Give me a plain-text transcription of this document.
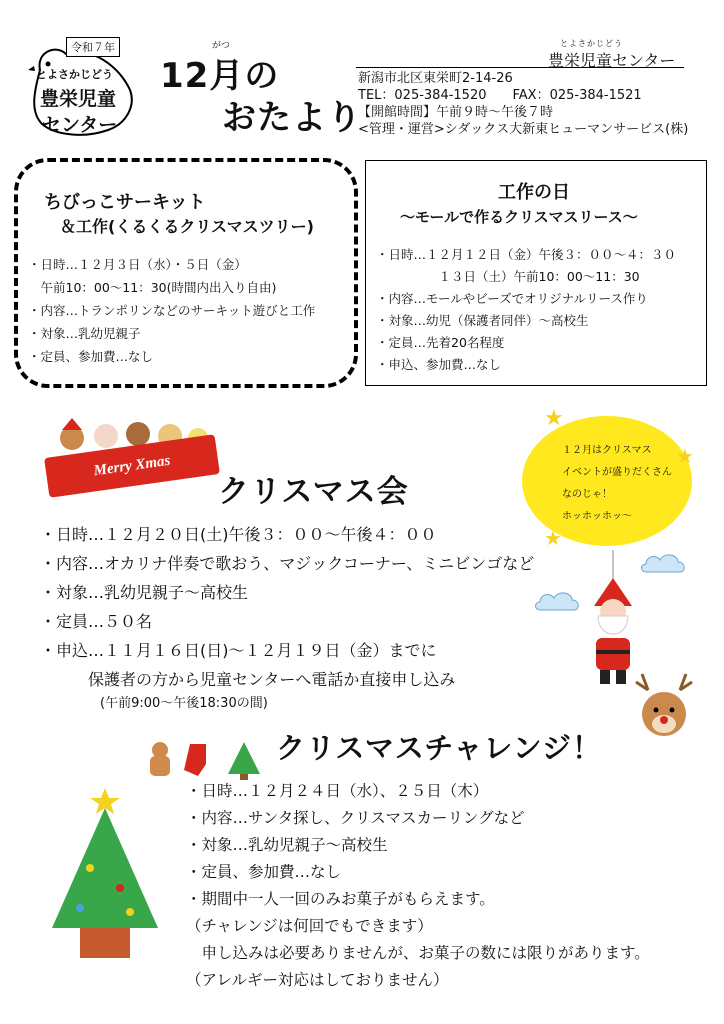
令和７年
とよさかじどう
豊栄児童
センター
がつ
12月の
おたより
とよさかじどう
豊栄児童センター
新潟市北区東栄町2-14-26
TEL：025-384-1520　　FAX：025-384-1521
【開館時間】午前９時～午後７時
<管理・運営>シダックス大新東ヒューマンサービス(株)
ちびっこサーキット
＆工作(くるくるクリスマスツリー)
・日時…１２月３日（水）・５日（金）
　午前10：00～11：30(時間内出入り自由)
・内容…トランポリンなどのサーキット遊びと工作
・対象…乳幼児親子
・定員、参加費…なし
工作の日
～モールで作るクリスマスリース～
・日時…１２月１２日（金）午後３：００～４：３０
　　　　　１３日（土）午前10：00～11：30
・内容…モールやビーズでオリジナルリース作り
・対象…幼児（保護者同伴）～高校生
・定員…先着20名程度
・申込、参加費…なし
Merry Xmas
★
★
★
１２月はクリスマス
イベントが盛りだくさん
なのじゃ！
ホッホッホッ～
クリスマス会
・日時…１２月２０日(土)午後３：００～午後４：００
・内容…オカリナ伴奏で歌おう、マジックコーナー、ミニビンゴなど
・対象…乳幼児親子～高校生
・定員…５０名
・申込…１１月１６日(日)～１２月１９日（金）までに
　　　保護者の方から児童センターへ電話か直接申し込み
(午前9:00～午後18:30の間)
クリスマスチャレンジ！
・日時…１２月２４日（水）、２５日（木）
・内容…サンタ探し、クリスマスカーリングなど
・対象…乳幼児親子～高校生
・定員、参加費…なし
・期間中一人一回のみお菓子がもらえます。
（チャレンジは何回でもできます）
　申し込みは必要ありませんが、お菓子の数には限りがあります。
（アレルギー対応はしておりません）
